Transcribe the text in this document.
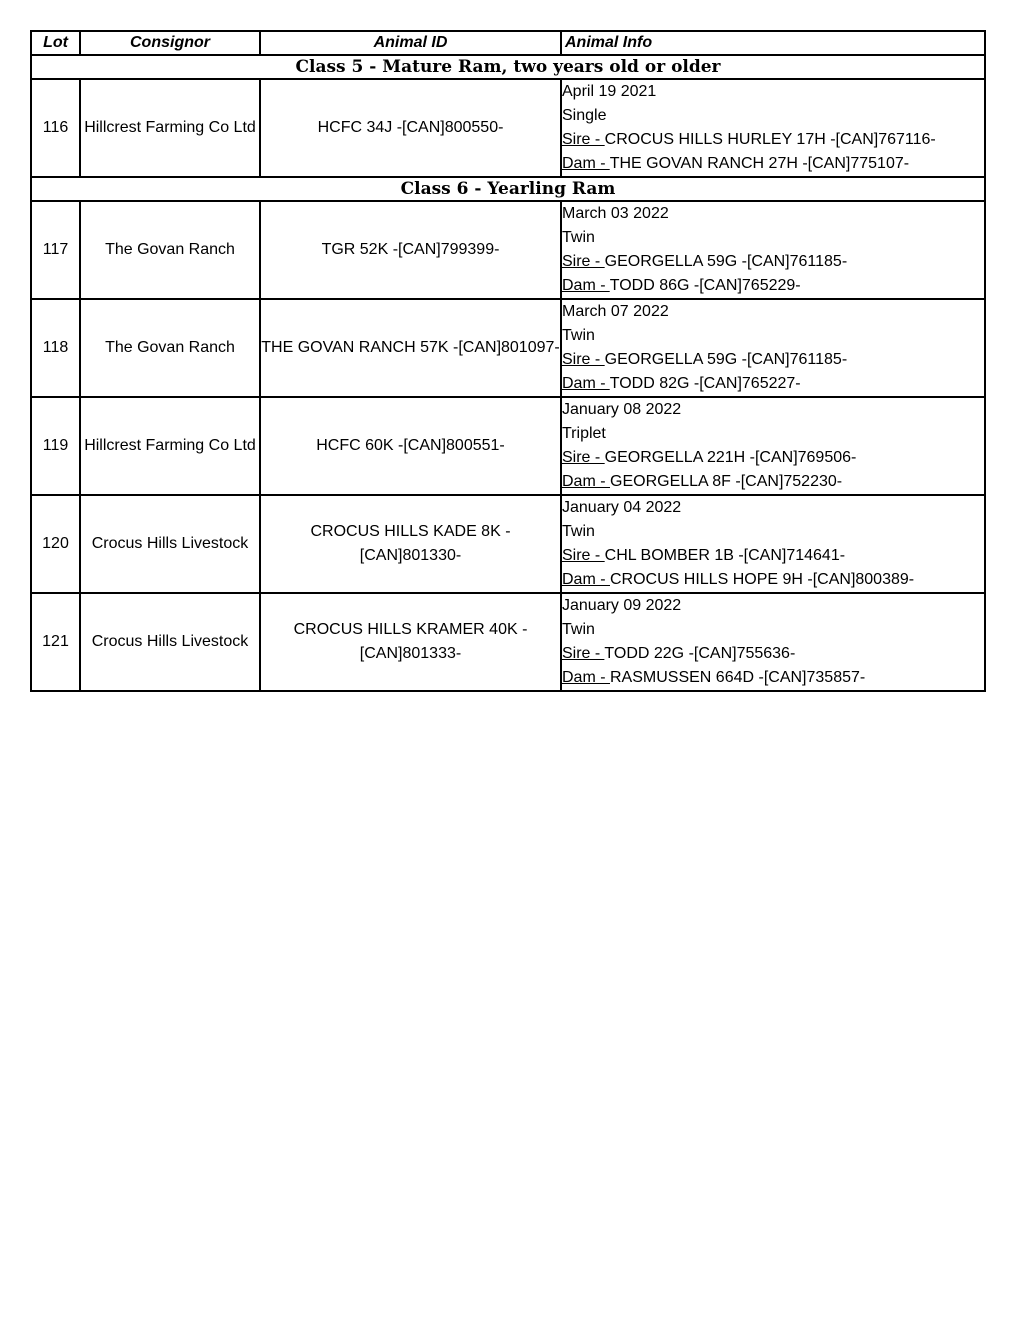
Lot	Consignor	Animal ID	Animal Info
Class 5 - Mature Ram, two years old or older			
116	Hillcrest Farming Co Ltd	HCFC 34J -[CAN]800550-	April 19 2021
Single
Sire - CROCUS HILLS HURLEY 17H -[CAN]767116-
Dam - THE GOVAN RANCH 27H -[CAN]775107-

Class 6 - Yearling Ram			
117	The Govan Ranch	TGR 52K -[CAN]799399-	March 03 2022
Twin
Sire - GEORGELLA 59G -[CAN]761185-
Dam - TODD 86G -[CAN]765229-

118	The Govan Ranch	THE GOVAN RANCH 57K -[CAN]801097-	March 07 2022
Twin
Sire - GEORGELLA 59G -[CAN]761185-
Dam - TODD 82G -[CAN]765227-

119	Hillcrest Farming Co Ltd	HCFC 60K -[CAN]800551-	January 08 2022
Triplet
Sire - GEORGELLA 221H -[CAN]769506-
Dam - GEORGELLA 8F -[CAN]752230-

120	Crocus Hills Livestock	CROCUS HILLS KADE 8K -[CAN]801330-	January 04 2022
Twin
Sire - CHL BOMBER 1B -[CAN]714641-
Dam - CROCUS HILLS HOPE 9H -[CAN]800389-

121	Crocus Hills Livestock	CROCUS HILLS KRAMER 40K -[CAN]801333-	January 09 2022
Twin
Sire - TODD 22G -[CAN]755636-
Dam - RASMUSSEN 664D -[CAN]735857-
